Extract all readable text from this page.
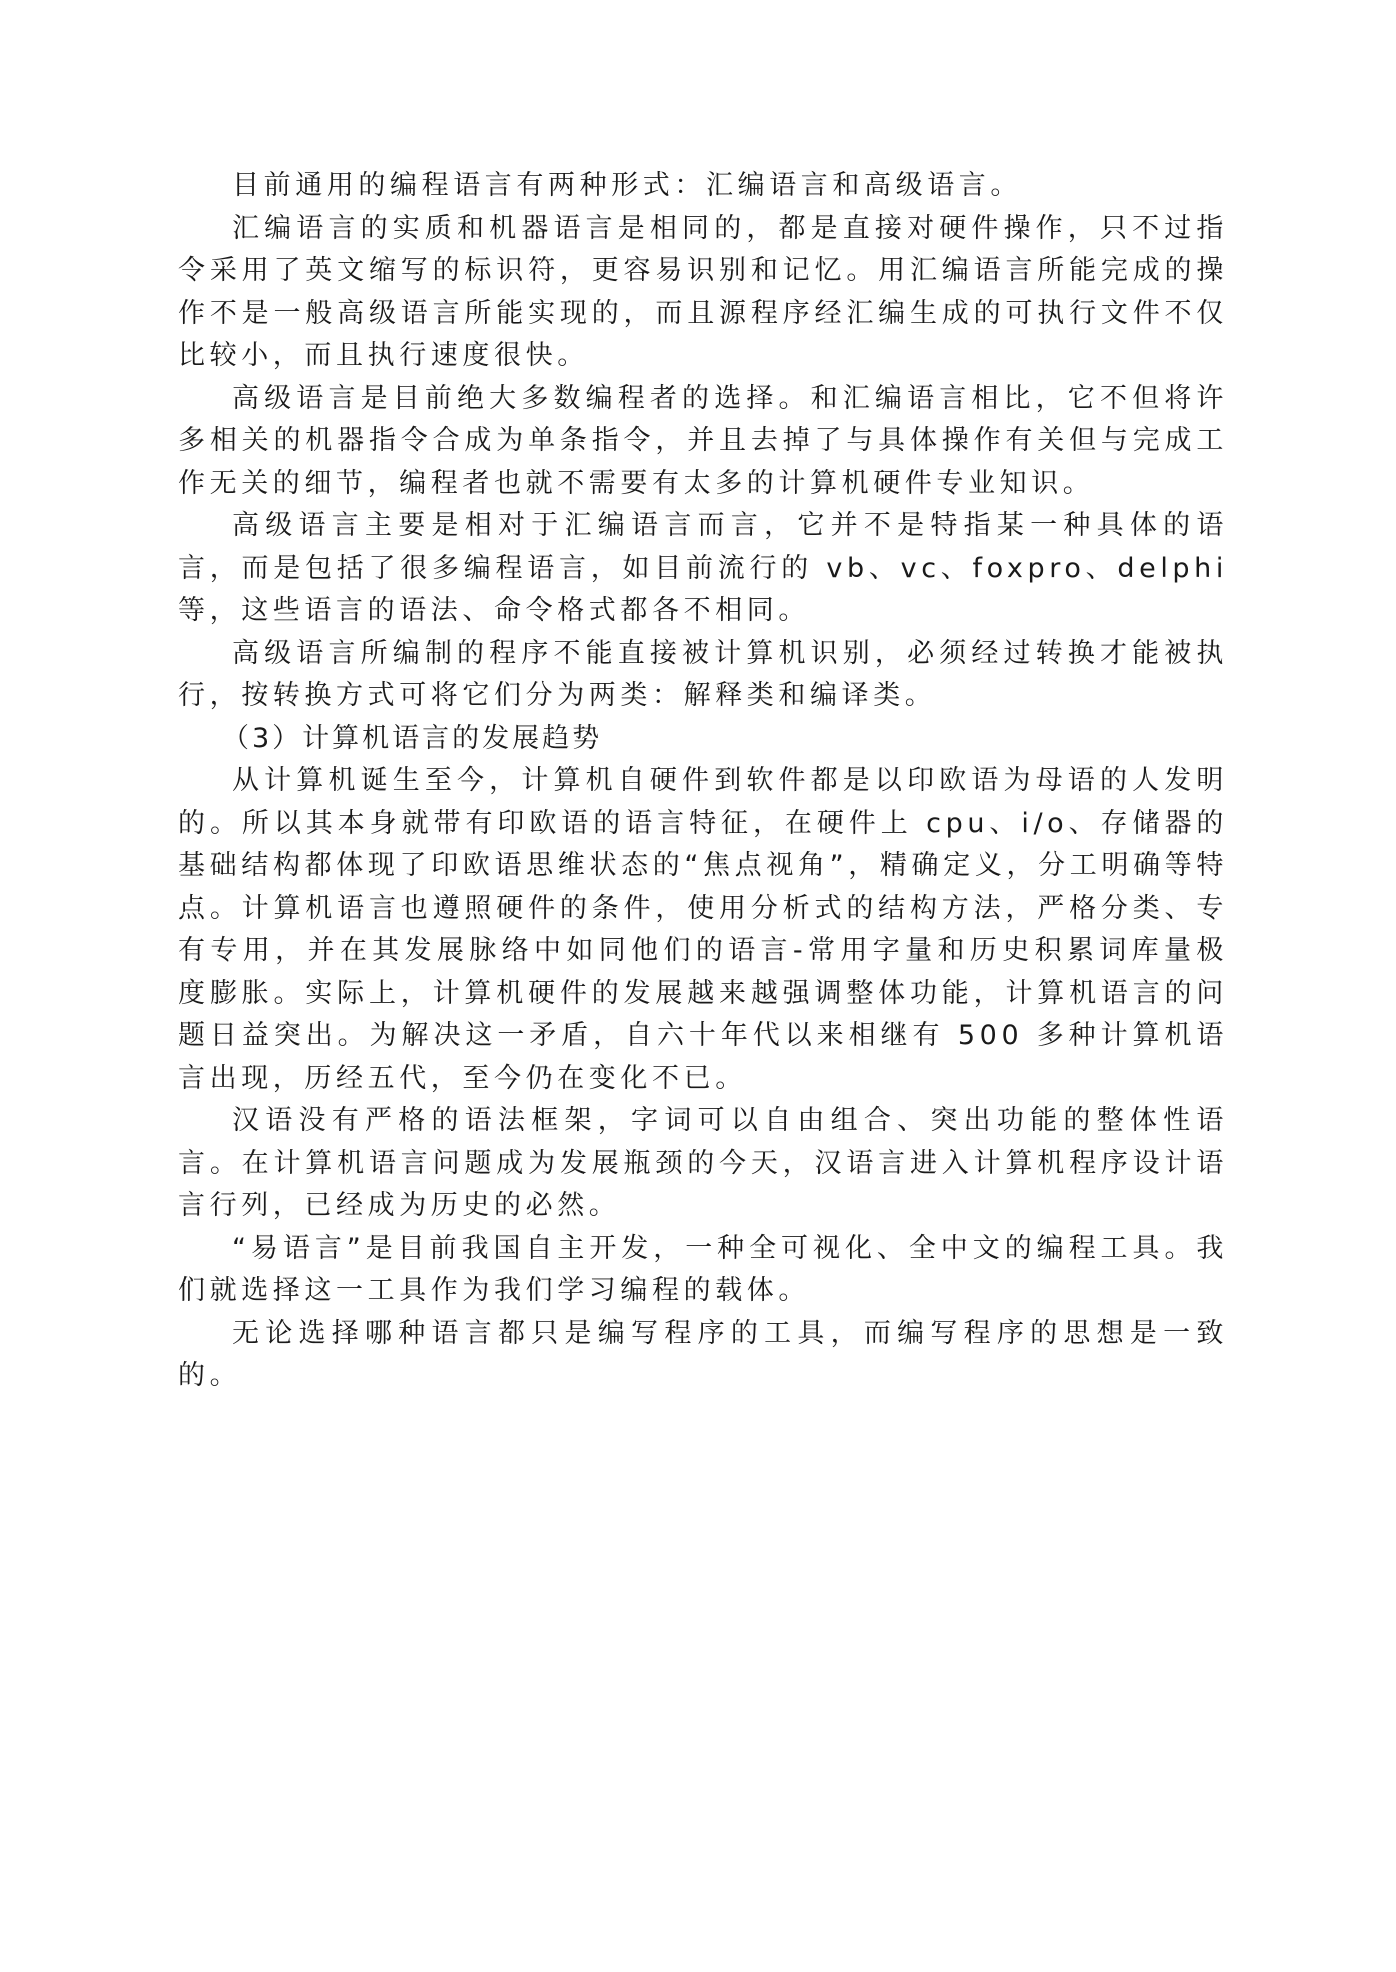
目前通用的编程语言有两种形式：汇编语言和高级语言。

汇编语言的实质和机器语言是相同的，都是直接对硬件操作，只不过指令采用了英文缩写的标识符，更容易识别和记忆。用汇编语言所能完成的操作不是一般高级语言所能实现的，而且源程序经汇编生成的可执行文件不仅比较小，而且执行速度很快。

高级语言是目前绝大多数编程者的选择。和汇编语言相比，它不但将许多相关的机器指令合成为单条指令，并且去掉了与具体操作有关但与完成工作无关的细节，编程者也就不需要有太多的计算机硬件专业知识。

高级语言主要是相对于汇编语言而言，它并不是特指某一种具体的语言，而是包括了很多编程语言，如目前流行的 vb、vc、foxpro、delphi 等，这些语言的语法、命令格式都各不相同。

高级语言所编制的程序不能直接被计算机识别，必须经过转换才能被执行，按转换方式可将它们分为两类：解释类和编译类。

（3）计算机语言的发展趋势

从计算机诞生至今，计算机自硬件到软件都是以印欧语为母语的人发明的。所以其本身就带有印欧语的语言特征，在硬件上 cpu、i/o、存储器的基础结构都体现了印欧语思维状态的“焦点视角”，精确定义，分工明确等特点。计算机语言也遵照硬件的条件，使用分析式的结构方法，严格分类、专有专用，并在其发展脉络中如同他们的语言-常用字量和历史积累词库量极度膨胀。实际上，计算机硬件的发展越来越强调整体功能，计算机语言的问题日益突出。为解决这一矛盾，自六十年代以来相继有 500 多种计算机语言出现，历经五代，至今仍在变化不已。

汉语没有严格的语法框架，字词可以自由组合、突出功能的整体性语言。在计算机语言问题成为发展瓶颈的今天，汉语言进入计算机程序设计语言行列，已经成为历史的必然。

“易语言”是目前我国自主开发，一种全可视化、全中文的编程工具。我们就选择这一工具作为我们学习编程的载体。

无论选择哪种语言都只是编写程序的工具，而编写程序的思想是一致的。
